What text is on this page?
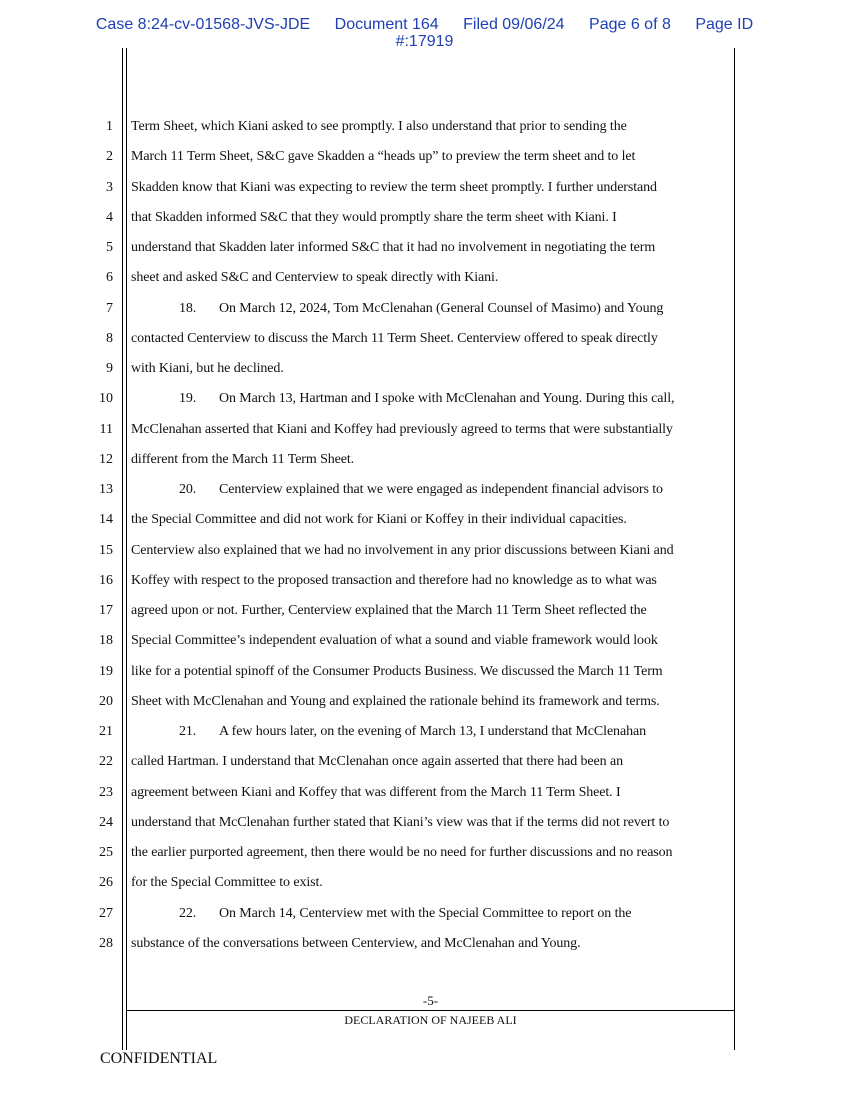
Case 8:24-cv-01568-JVS-JDE Document 164 Filed 09/06/24 Page 6 of 8 Page ID
#:17919
1
2
3
4
5
6
7
8
9
10
11
12
13
14
15
16
17
18
19
20
21
22
23
24
25
26
27
28
Term Sheet, which Kiani asked to see promptly. I also understand that prior to sending the
March 11 Term Sheet, S&C gave Skadden a “heads up” to preview the term sheet and to let
Skadden know that Kiani was expecting to review the term sheet promptly. I further understand
that Skadden informed S&C that they would promptly share the term sheet with Kiani. I
understand that Skadden later informed S&C that it had no involvement in negotiating the term
sheet and asked S&C and Centerview to speak directly with Kiani.
18. On March 12, 2024, Tom McClenahan (General Counsel of Masimo) and Young
contacted Centerview to discuss the March 11 Term Sheet. Centerview offered to speak directly
with Kiani, but he declined.
19. On March 13, Hartman and I spoke with McClenahan and Young. During this call,
McClenahan asserted that Kiani and Koffey had previously agreed to terms that were substantially
different from the March 11 Term Sheet.
20. Centerview explained that we were engaged as independent financial advisors to
the Special Committee and did not work for Kiani or Koffey in their individual capacities.
Centerview also explained that we had no involvement in any prior discussions between Kiani and
Koffey with respect to the proposed transaction and therefore had no knowledge as to what was
agreed upon or not. Further, Centerview explained that the March 11 Term Sheet reflected the
Special Committee’s independent evaluation of what a sound and viable framework would look
like for a potential spinoff of the Consumer Products Business. We discussed the March 11 Term
Sheet with McClenahan and Young and explained the rationale behind its framework and terms.
21. A few hours later, on the evening of March 13, I understand that McClenahan
called Hartman. I understand that McClenahan once again asserted that there had been an
agreement between Kiani and Koffey that was different from the March 11 Term Sheet. I
understand that McClenahan further stated that Kiani’s view was that if the terms did not revert to
the earlier purported agreement, then there would be no need for further discussions and no reason
for the Special Committee to exist.
22. On March 14, Centerview met with the Special Committee to report on the
substance of the conversations between Centerview, and McClenahan and Young.
-5-
DECLARATION OF NAJEEB ALI
CONFIDENTIAL
